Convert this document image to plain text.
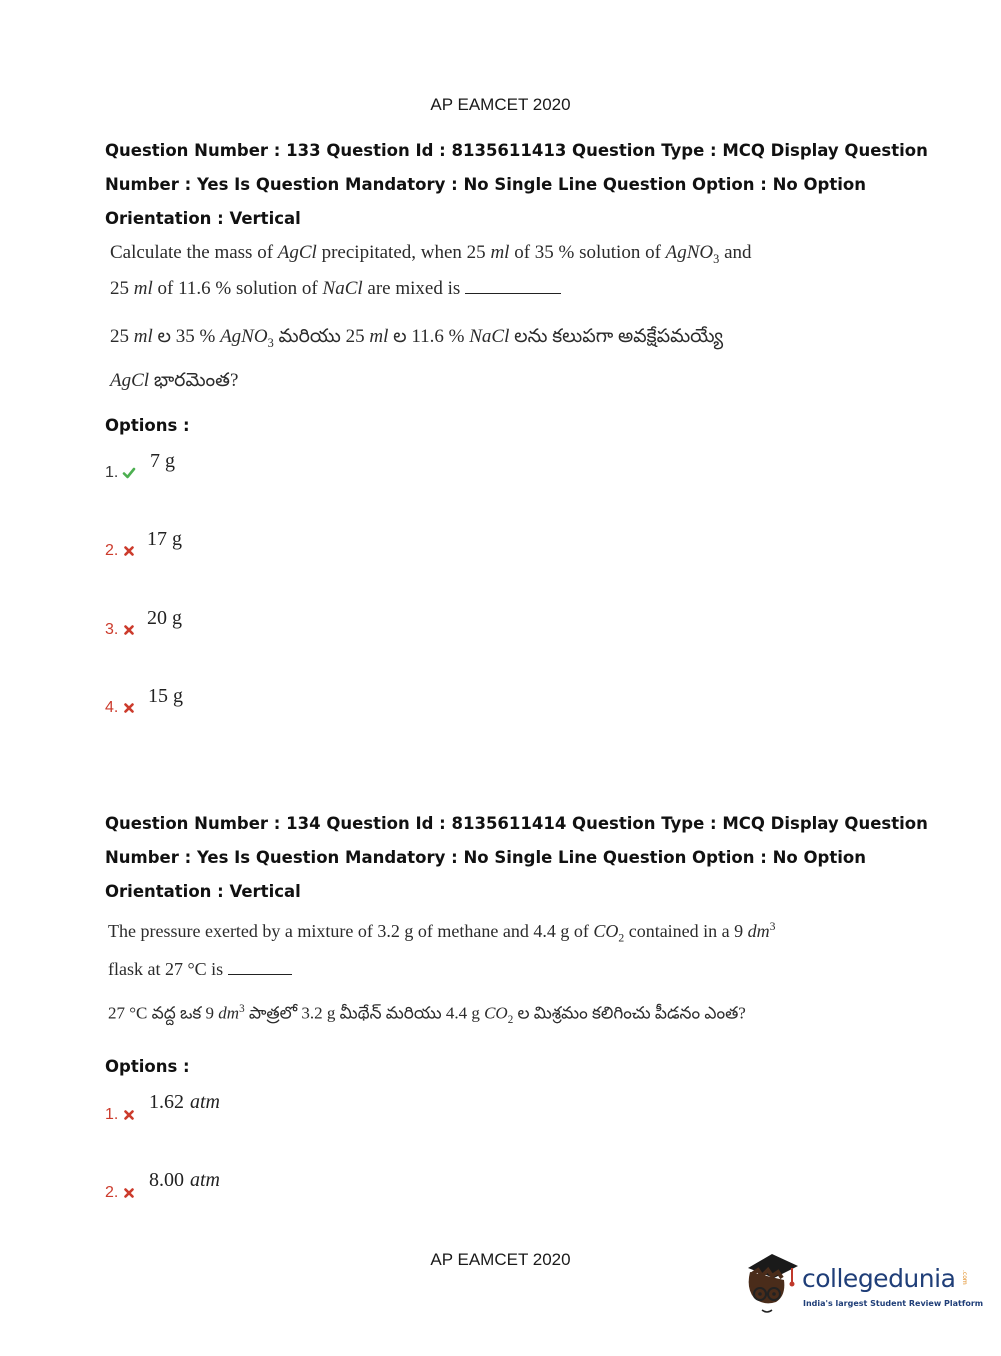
AP EAMCET 2020
Question Number : 133 Question Id : 8135611413 Question Type : MCQ Display Question
Number : Yes Is Question Mandatory : No Single Line Question Option : No Option
Orientation : Vertical
Calculate the mass of AgCl precipitated, when 25 ml of 35 % solution of AgNO$_3$ and
25 ml of 11.6 % solution of NaCl are mixed is
25 ml ల 35 % AgNO$_3$ మరియు 25 ml ల 11.6 % NaCl లను కలుపగా అవక్షేపమయ్యే
AgCl భారమెంత?
Options :
1.
7 g
2.
17 g
3.
20 g
4.
15 g
Question Number : 134 Question Id : 8135611414 Question Type : MCQ Display Question
Number : Yes Is Question Mandatory : No Single Line Question Option : No Option
Orientation : Vertical
The pressure exerted by a mixture of 3.2 g of methane and 4.4 g of $CO_2$ contained in a 9 $dm^3$
flask at 27 °C is
27 °C వద్ద ఒక 9 $dm^3$ పాత్రలో 3.2 g మీథేన్ మరియు 4.4 g $CO_2$ ల మిశ్రమం కలిగించు పీడనం ఎంత?
Options :
1.
1.62 atm
2.
8.00 atm
AP EAMCET 2020
collegedunia .com
India's largest Student Review Platform
